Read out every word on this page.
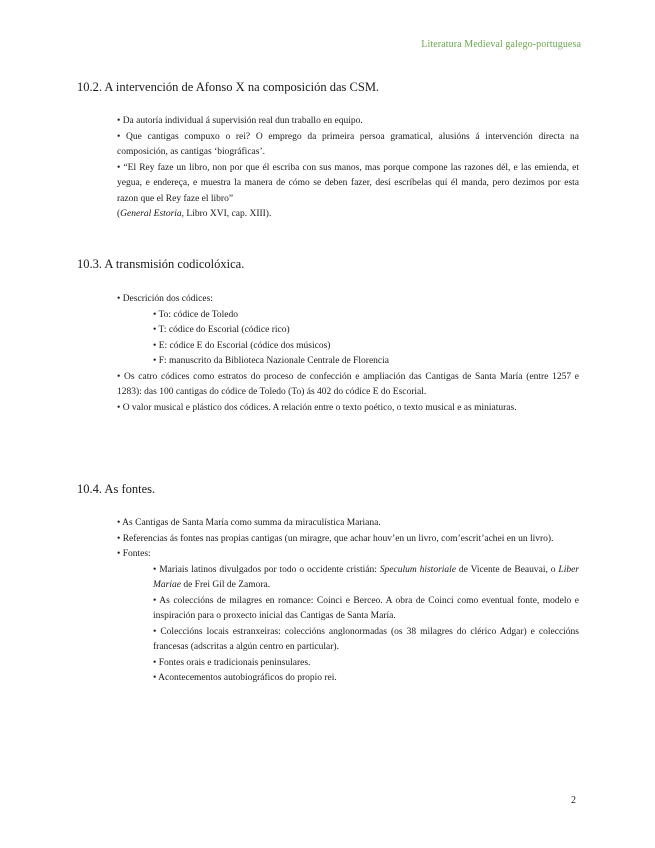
Literatura Medieval galego-portuguesa
10.2. A intervención de Afonso X na composición das CSM.

• Da autoría individual á supervisión real dun traballo en equipo.

• Que cantigas compuxo o rei? O emprego da primeira persoa gramatical, alusións á intervención directa na composición, as cantigas ‘biográficas’.

• “El Rey faze un libro, non por que él escriba con sus manos, mas porque compone las razones dél, e las emienda, et yegua, e endereça, e muestra la manera de cómo se deben fazer, desí escríbelas quí él manda, pero dezimos por esta razon que el Rey faze el libro”

(General Estoria, Libro XVI, cap. XIII).

10.3. A transmisión codicolóxica.

• Descrición dos códices:

• To: códice de Toledo

• T: códice do Escorial (códice rico)

• E: códice E do Escorial (códice dos músicos)

• F: manuscrito da Biblioteca Nazionale Centrale de Florencia

• Os catro códices como estratos do proceso de confección e ampliación das Cantigas de Santa María (entre 1257 e 1283): das 100 cantigas do códice de Toledo (To) ás 402 do códice E do Escorial.

• O valor musical e plástico dos códices. A relación entre o texto poético, o texto musical e as miniaturas.

10.4. As fontes.

• As Cantigas de Santa María como summa da miraculística Mariana.

• Referencias ás fontes nas propias cantigas (un miragre, que achar houv’en un livro, com’escrit’achei en un livro).

• Fontes:

• Mariais latinos divulgados por todo o occidente cristián: Speculum historiale de Vicente de Beauvai, o Liber Mariae de Frei Gil de Zamora.

• As coleccións de milagres en romance: Coinci e Berceo. A obra de Coinci como eventual fonte, modelo e inspiración para o proxecto inicial das Cantigas de Santa María.

• Coleccións locais estranxeiras: coleccións anglonormadas (os 38 milagres do clérico Adgar) e coleccións francesas (adscritas a algún centro en particular).

• Fontes orais e tradicionais peninsulares.

• Acontecementos autobiográficos do propio rei.

2
